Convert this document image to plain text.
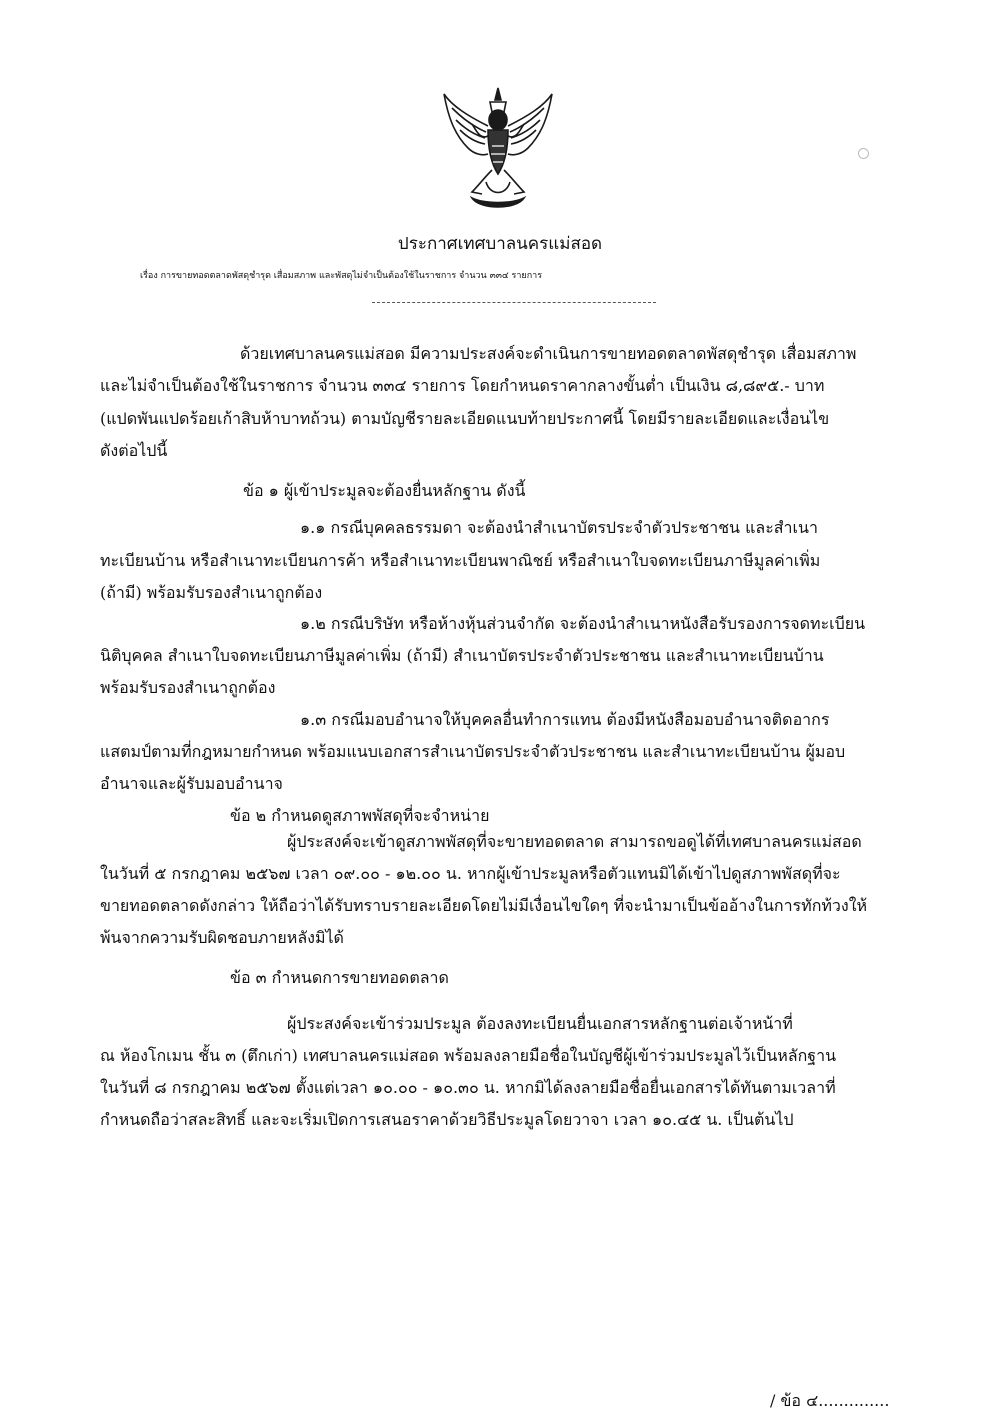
ประกาศเทศบาลนครแม่สอด
เรื่อง การขายทอดตลาดพัสดุชำรุด เสื่อมสภาพ และพัสดุไม่จำเป็นต้องใช้ในราชการ จำนวน ๓๓๔ รายการ
ด้วยเทศบาลนครแม่สอด มีความประสงค์จะดำเนินการขายทอดตลาดพัสดุชำรุด เสื่อมสภาพ
และไม่จำเป็นต้องใช้ในราชการ จำนวน ๓๓๔ รายการ โดยกำหนดราคากลางขั้นต่ำ เป็นเงิน ๘,๘๙๕.- บาท
(แปดพันแปดร้อยเก้าสิบห้าบาทถ้วน) ตามบัญชีรายละเอียดแนบท้ายประกาศนี้ โดยมีรายละเอียดและเงื่อนไข
ดังต่อไปนี้
ข้อ ๑ ผู้เข้าประมูลจะต้องยื่นหลักฐาน ดังนี้
๑.๑ กรณีบุคคลธรรมดา จะต้องนำสำเนาบัตรประจำตัวประชาชน และสำเนา
ทะเบียนบ้าน หรือสำเนาทะเบียนการค้า หรือสำเนาทะเบียนพาณิชย์ หรือสำเนาใบจดทะเบียนภาษีมูลค่าเพิ่ม
(ถ้ามี) พร้อมรับรองสำเนาถูกต้อง
๑.๒ กรณีบริษัท หรือห้างหุ้นส่วนจำกัด จะต้องนำสำเนาหนังสือรับรองการจดทะเบียน
นิติบุคคล สำเนาใบจดทะเบียนภาษีมูลค่าเพิ่ม (ถ้ามี) สำเนาบัตรประจำตัวประชาชน และสำเนาทะเบียนบ้าน
พร้อมรับรองสำเนาถูกต้อง
๑.๓ กรณีมอบอำนาจให้บุคคลอื่นทำการแทน ต้องมีหนังสือมอบอำนาจติดอากร
แสตมป์ตามที่กฎหมายกำหนด พร้อมแนบเอกสารสำเนาบัตรประจำตัวประชาชน และสำเนาทะเบียนบ้าน ผู้มอบ
อำนาจและผู้รับมอบอำนาจ
ข้อ ๒ กำหนดดูสภาพพัสดุที่จะจำหน่าย
ผู้ประสงค์จะเข้าดูสภาพพัสดุที่จะขายทอดตลาด สามารถขอดูได้ที่เทศบาลนครแม่สอด
ในวันที่ ๕ กรกฎาคม ๒๕๖๗ เวลา ๐๙.๐๐ - ๑๒.๐๐ น. หากผู้เข้าประมูลหรือตัวแทนมิได้เข้าไปดูสภาพพัสดุที่จะ
ขายทอดตลาดดังกล่าว ให้ถือว่าได้รับทราบรายละเอียดโดยไม่มีเงื่อนไขใดๆ ที่จะนำมาเป็นข้ออ้างในการทักท้วงให้
พ้นจากความรับผิดชอบภายหลังมิได้
ข้อ ๓ กำหนดการขายทอดตลาด
ผู้ประสงค์จะเข้าร่วมประมูล ต้องลงทะเบียนยื่นเอกสารหลักฐานต่อเจ้าหน้าที่
ณ ห้องโกเมน ชั้น ๓ (ตึกเก่า) เทศบาลนครแม่สอด พร้อมลงลายมือชื่อในบัญชีผู้เข้าร่วมประมูลไว้เป็นหลักฐาน
ในวันที่ ๘ กรกฎาคม ๒๕๖๗ ตั้งแต่เวลา ๑๐.๐๐ - ๑๐.๓๐ น. หากมิได้ลงลายมือชื่อยื่นเอกสารได้ทันตามเวลาที่
กำหนดถือว่าสละสิทธิ์ และจะเริ่มเปิดการเสนอราคาด้วยวิธีประมูลโดยวาจา เวลา ๑๐.๔๕ น. เป็นต้นไป
/ ข้อ ๔..............
